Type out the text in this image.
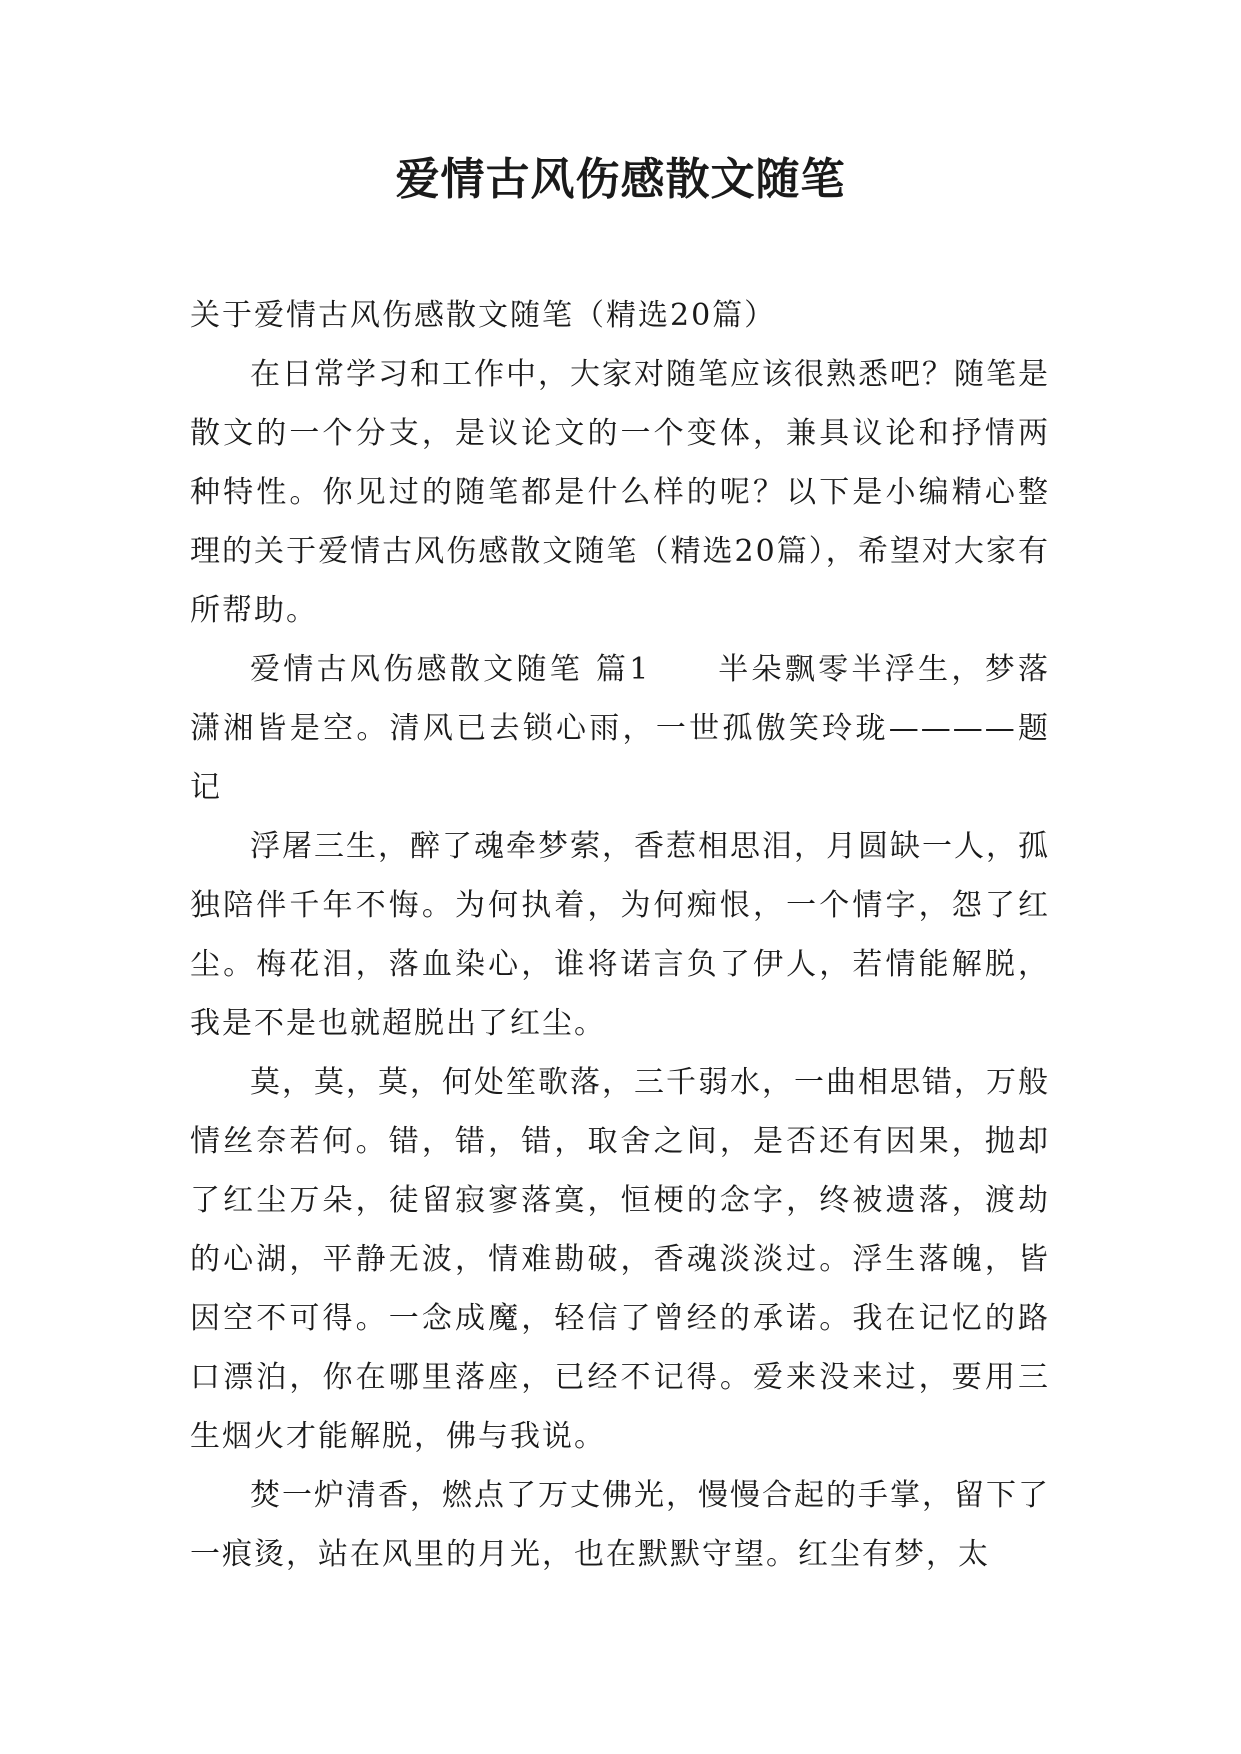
爱情古风伤感散文随笔

关于爱情古风伤感散文随笔（精选20篇）

在日常学习和工作中，大家对随笔应该很熟悉吧？随笔是散文的一个分支，是议论文的一个变体，兼具议论和抒情两种特性。你见过的随笔都是什么样的呢？以下是小编精心整理的关于爱情古风伤感散文随笔（精选20篇），希望对大家有所帮助。

爱情古风伤感散文随笔 篇1　　半朵飘零半浮生，梦落潇湘皆是空。清风已去锁心雨，一世孤傲笑玲珑————题记

浮屠三生，醉了魂牵梦萦，香惹相思泪，月圆缺一人，孤独陪伴千年不悔。为何执着，为何痴恨，一个情字，怨了红尘。梅花泪，落血染心，谁将诺言负了伊人，若情能解脱，我是不是也就超脱出了红尘。

莫，莫，莫，何处笙歌落，三千弱水，一曲相思错，万般情丝奈若何。错，错，错，取舍之间，是否还有因果，抛却了红尘万朵，徒留寂寥落寞，恒梗的念字，终被遗落，渡劫的心湖，平静无波，情难勘破，香魂淡淡过。浮生落魄，皆因空不可得。一念成魔，轻信了曾经的承诺。我在记忆的路口漂泊，你在哪里落座，已经不记得。爱来没来过，要用三生烟火才能解脱，佛与我说。

焚一炉清香，燃点了万丈佛光，慢慢合起的手掌，留下了一痕烫，站在风里的月光，也在默默守望。红尘有梦，太
